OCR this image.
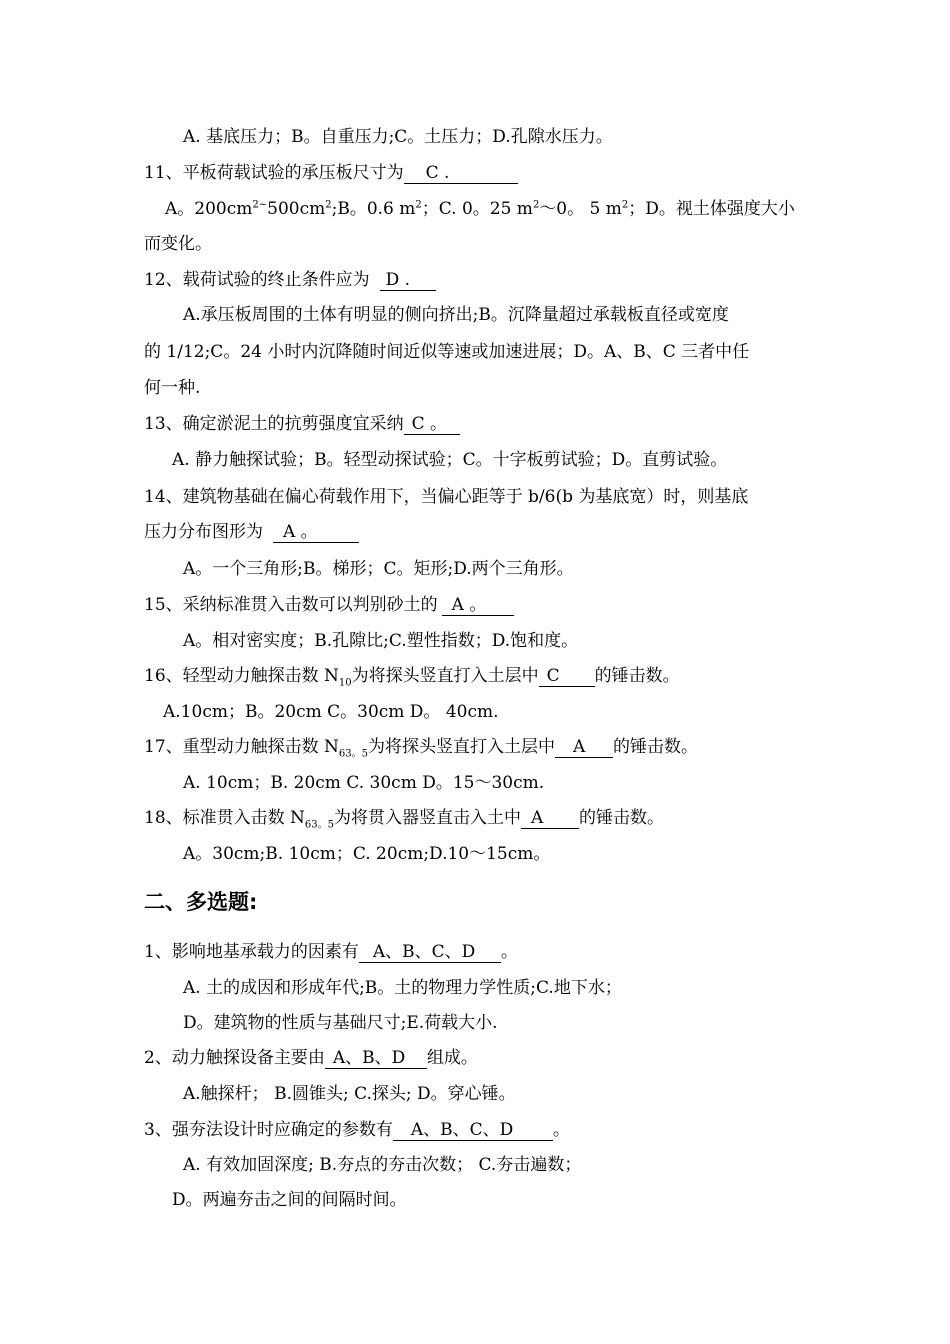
A. 基底压力；B。自重压力;C。土压力；D.孔隙水压力。
11、平板荷载试验的承压板尺寸为 C .
A。$200cm^{2\sim}500cm^2;B$。0.6 $m^2$；C. 0。25 $m^2\sim 0$。 5 $m^2$；D。视土体强度大小
而变化。
12、载荷试验的终止条件应为 D .
A.承压板周围的土体有明显的侧向挤出;B。沉降量超过承载板直径或宽度
的 1/12;C。24 小时内沉降随时间近似等速或加速进展；D。A、B、C 三者中任
何一种.
13、确定淤泥土的抗剪强度宜采纳 C 。
A. 静力触探试验；B。轻型动探试验；C。十字板剪试验；D。直剪试验。
14、建筑物基础在偏心荷载作用下，当偏心距等于 b/6(b 为基底宽）时，则基底
压力分布图形为 A 。
A。一个三角形;B。梯形；C。矩形;D.两个三角形。
15、采纳标准贯入击数可以判别砂土的 A 。
A。相对密实度；B.孔隙比;C.塑性指数；D.饱和度。
16、轻型动力触探击数 $N_{10}$为将探头竖直打入土层中 C 的锤击数。
A.10cm；B。20cm C。30cm D。 40cm.
17、重型动力触探击数 $N_{63。5}$为将探头竖直打入土层中 A 的锤击数。
A. 10cm；B. 20cm C. 30cm D。15～30cm.
18、标准贯入击数 $N_{63。5}$为将贯入器竖直击入土中 A 的锤击数。
A。30cm;B. 10cm；C. 20cm;D.10～15cm。
二、多选题:
1、影响地基承载力的因素有 A、B、C、D 。
A. 土的成因和形成年代;B。土的物理力学性质;C.地下水；
D。建筑物的性质与基础尺寸;E.荷载大小.
2、动力触探设备主要由 A、B、D 组成。
A.触探杆； B.圆锥头; C.探头; D。穿心锤。
3、强夯法设计时应确定的参数有 A、B、C、D 。
A. 有效加固深度; B.夯点的夯击次数； C.夯击遍数；
D。两遍夯击之间的间隔时间。
